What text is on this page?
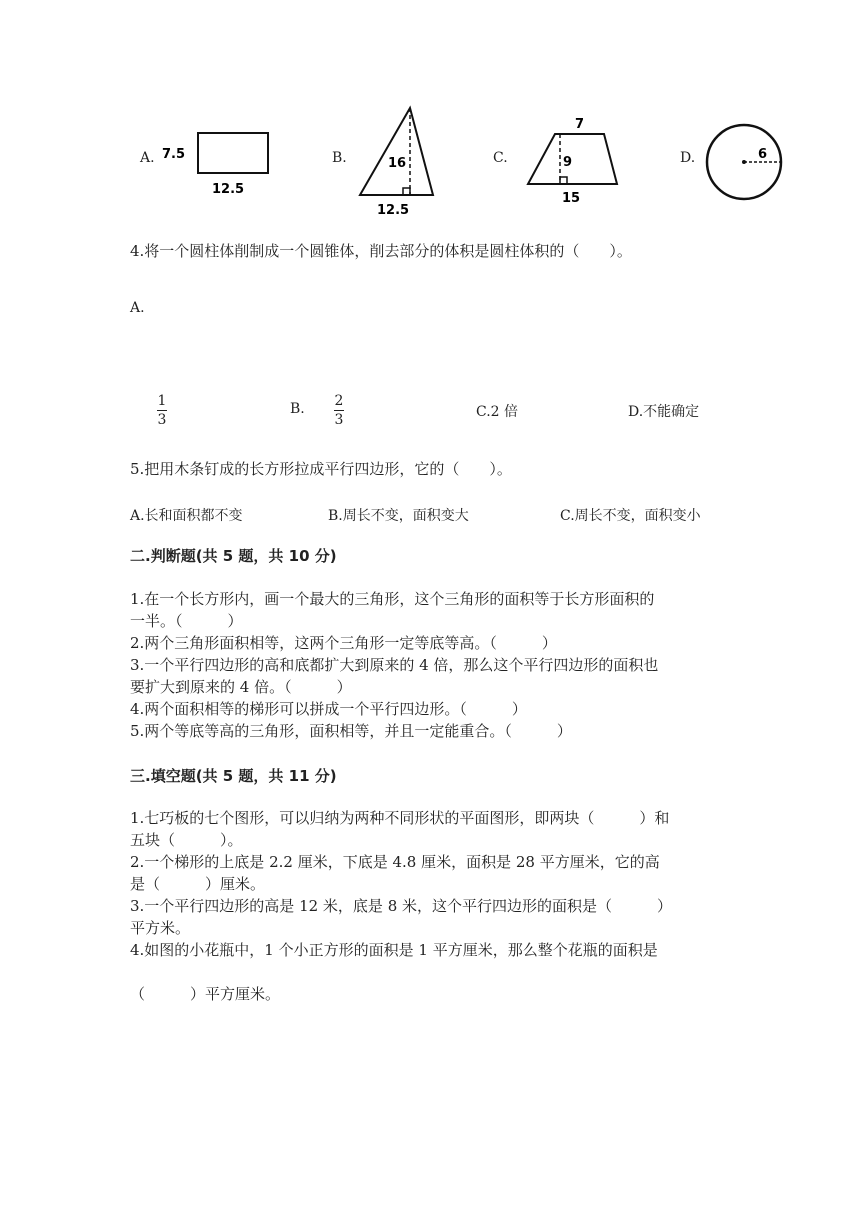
A. 7.5
12.5
B.	16
12.5
C.
7
9
15
D.	6
4.将一个圆柱体削制成一个圆锥体，削去部分的体积是圆柱体积的（　　）。
A.
1
3
B. 2
3	C.2 倍	D.不能确定
5.把用木条钉成的长方形拉成平行四边形，它的（　　）。
A.长和面积都不变	B.周长不变，面积变大	C.周长不变，面积变小
二.判断题(共 5 题，共 10 分)
1.在一个长方形内，画一个最大的三角形，这个三角形的面积等于长方形面积的
一半。（　　　）
2.两个三角形面积相等，这两个三角形一定等底等高。（　　　）
3.一个平行四边形的高和底都扩大到原来的 4 倍，那么这个平行四边形的面积也
要扩大到原来的 4 倍。（　　　）
4.两个面积相等的梯形可以拼成一个平行四边形。（　　　）
5.两个等底等高的三角形，面积相等，并且一定能重合。（　　　）
三.填空题(共 5 题，共 11 分)
1.七巧板的七个图形，可以归纳为两种不同形状的平面图形，即两块（　　　）和
五块（　　　）。
2.一个梯形的上底是 2.2 厘米，下底是 4.8 厘米，面积是 28 平方厘米，它的高
是（　　　）厘米。
3.一个平行四边形的高是 12 米，底是 8 米，这个平行四边形的面积是（　　　）
平方米。
4.如图的小花瓶中，1 个小正方形的面积是 1 平方厘米，那么整个花瓶的面积是
（　　　）平方厘米。
